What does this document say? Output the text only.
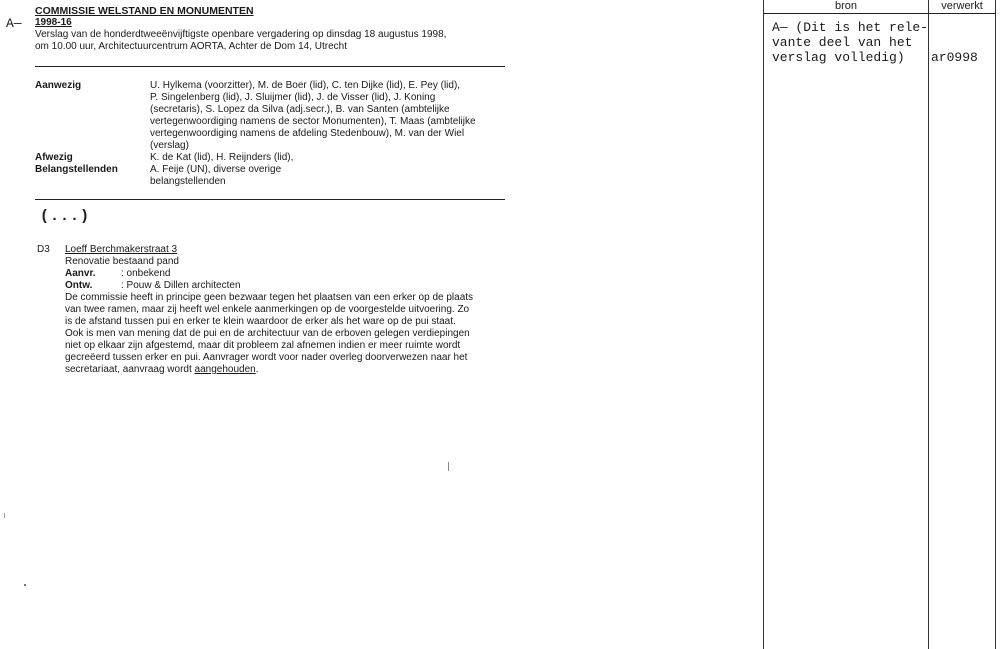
A—
COMMISSIE WELSTAND EN MONUMENTEN
1998-16
Verslag van de honderdtweeënvijftigste openbare vergadering op dinsdag 18 augustus 1998,
om 10.00 uur, Architectuurcentrum AORTA, Achter de Dom 14, Utrecht
Aanwezig	U. Hylkema (voorzitter), M. de Boer (lid), C. ten Dijke (lid), E. Pey (lid),
P. Singelenberg (lid), J. Sluijmer (lid), J. de Visser (lid), J. Koning
(secretaris), S. Lopez da Silva (adj.secr.), B. van Santen (ambtelijke
vertegenwoordiging namens de sector Monumenten), T. Maas (ambtelijke
vertegenwoordiging namens de afdeling Stedenbouw), M. van der Wiel
(verslag)
Afwezig	K. de Kat (lid), H. Reijnders (lid),
Belangstellenden	A. Feije (UN), diverse overige
belangstellenden
(...)
D3 Loeff Berchmakerstraat 3
Renovatie bestaand pand
Aanvr.	: onbekend
Ontw.	: Pouw & Dillen architecten
De commissie heeft in principe geen bezwaar tegen het plaatsen van een erker op de plaats
van twee ramen, maar zij heeft wel enkele aanmerkingen op de voorgestelde uitvoering. Zo
is de afstand tussen pui en erker te klein waardoor de erker als het ware op de pui staat.
Ook is men van mening dat de pui en de architectuur van de erboven gelegen verdiepingen
niet op elkaar zijn afgestemd, maar dit probleem zal afnemen indien er meer ruimte wordt
gecreëerd tussen erker en pui. Aanvrager wordt voor nader overleg doorverwezen naar het
secretariaat, aanvraag wordt aangehouden.
bron	verwerkt
A— (Dit is het rele-
vante deel van het
verslag volledig)	ar0998
